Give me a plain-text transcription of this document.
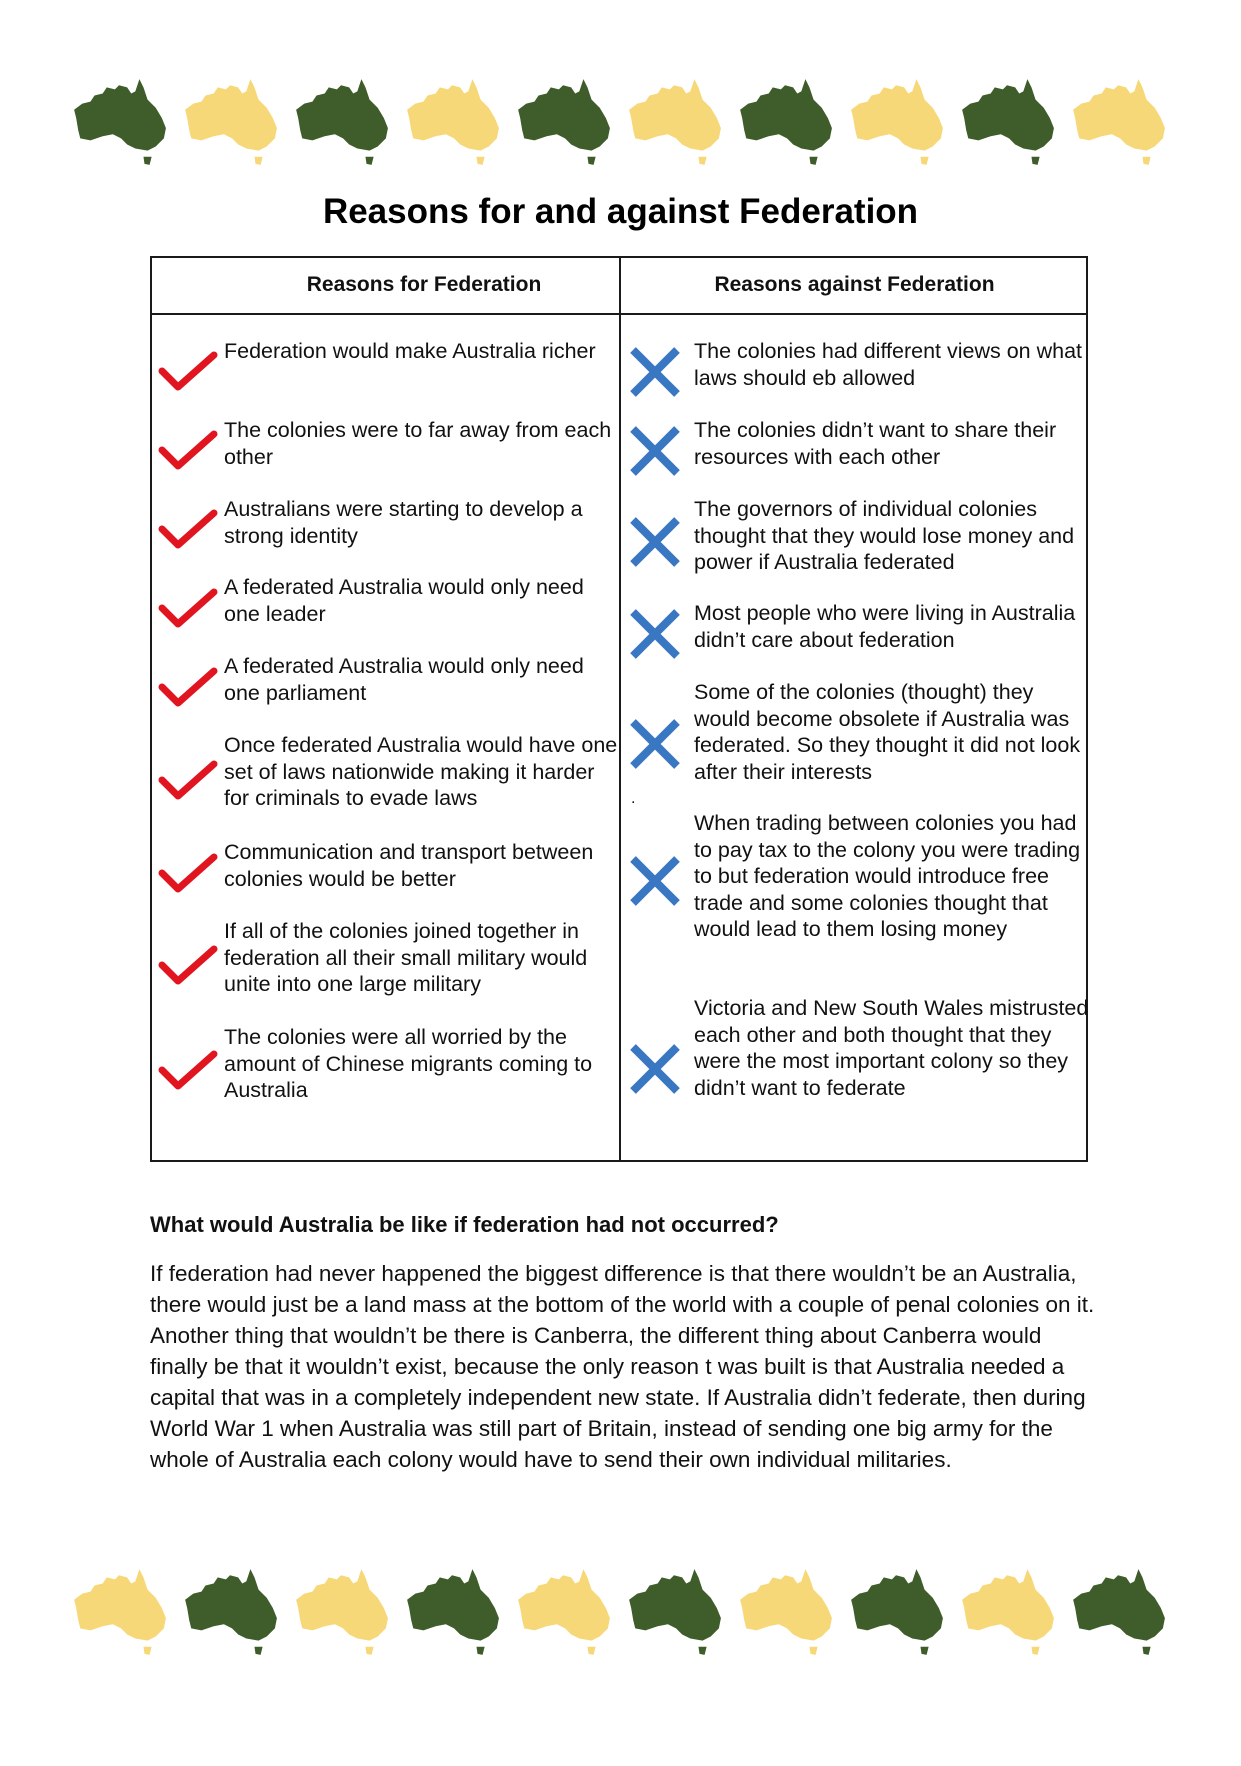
Reasons for and against Federation
Reasons for Federation	Reasons against Federation
Federation would make Australia richer
The colonies were to far away from each other
Australians were starting to develop a strong identity
A federated Australia would only need one leader
A federated Australia would only need one parliament
Once federated Australia would have one set of laws nationwide making it harder for criminals to evade laws
Communication and transport between colonies would be better
If all of the colonies joined together in federation all their small military would unite into one large military
The colonies were all worried by the amount of Chinese migrants coming to Australia
The colonies had different views on what laws should eb allowed
The colonies didn’t want to share their resources with each other
The governors of individual colonies thought that they would lose money and power if Australia federated
Most people who were living in Australia didn’t care about federation
Some of the colonies (thought) they would become obsolete if Australia was federated. So they thought it did not look after their interests
When trading between colonies you had to pay tax to the colony you were trading to but federation would introduce free trade and some colonies thought that would lead to them losing money
Victoria and New South Wales mistrusted each other and both thought that they were the most important colony so they didn’t want to federate
.
What would Australia be like if federation had not occurred?

If federation had never happened the biggest difference is that there wouldn’t be an Australia, there would just be a land mass at the bottom of the world with a couple of penal colonies on it. Another thing that wouldn’t be there is Canberra, the different thing about Canberra would finally be that it wouldn’t exist, because the only reason t was built is that Australia needed a capital that was in a completely independent new state. If Australia didn’t federate, then during World War 1 when Australia was still part of Britain, instead of sending one big army for the whole of Australia each colony would have to send their own individual militaries.
